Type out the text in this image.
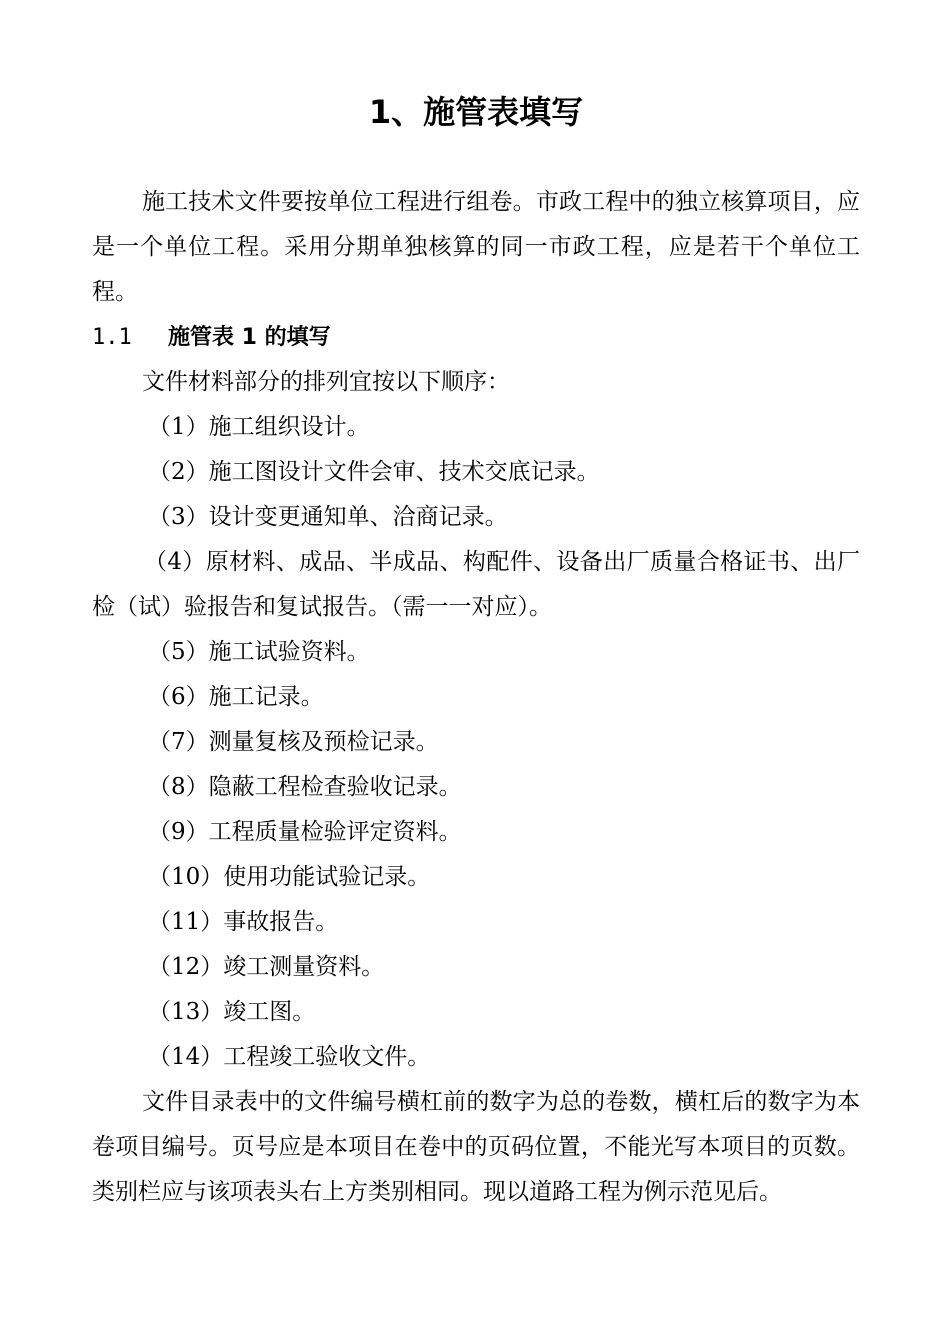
1、施管表填写

施工技术文件要按单位工程进行组卷。市政工程中的独立核算项目，应是一个单位工程。采用分期单独核算的同一市政工程，应是若干个单位工程。

1.1 施管表 1 的填写

文件材料部分的排列宜按以下顺序：

（1）施工组织设计。

（2）施工图设计文件会审、技术交底记录。

（3）设计变更通知单、洽商记录。

（4）原材料、成品、半成品、构配件、设备出厂质量合格证书、出厂检（试）验报告和复试报告。（需一一对应）。

（5）施工试验资料。

（6）施工记录。

（7）测量复核及预检记录。

（8）隐蔽工程检查验收记录。

（9）工程质量检验评定资料。

（10）使用功能试验记录。

（11）事故报告。

（12）竣工测量资料。

（13）竣工图。

（14）工程竣工验收文件。

文件目录表中的文件编号横杠前的数字为总的卷数，横杠后的数字为本卷项目编号。页号应是本项目在卷中的页码位置，不能光写本项目的页数。类别栏应与该项表头右上方类别相同。现以道路工程为例示范见后。
